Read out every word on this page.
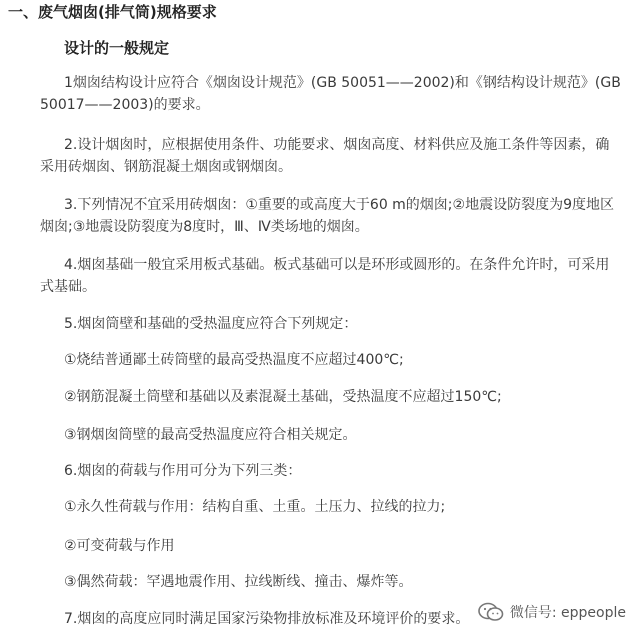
一、废气烟囱(排气筒)规格要求
设计的一般规定
1烟囱结构设计应符合《烟囱设计规范》(GB 50051——2002)和《钢结构设计规范》(GB
50017——2003)的要求。
2.设计烟囱时，应根据使用条件、功能要求、烟囱高度、材料供应及施工条件等因素，确
采用砖烟囱、钢筋混凝土烟囱或钢烟囱。
3.下列情况不宜采用砖烟囱：①重要的或高度大于60 m的烟囱;②地震设防裂度为9度地区
烟囱;③地震设防裂度为8度时，Ⅲ、Ⅳ类场地的烟囱。
4.烟囱基础一般宜采用板式基础。板式基础可以是环形或圆形的。在条件允许时，可采用
式基础。
5.烟囱筒壁和基础的受热温度应符合下列规定：
①烧结普通鄙土砖筒壁的最高受热温度不应超过400℃;
②钢筋混凝土筒壁和基础以及素混凝土基础，受热温度不应超过150℃;
③钢烟囱筒壁的最高受热温度应符合相关规定。
6.烟囱的荷载与作用可分为下列三类：
①永久性荷载与作用：结构自重、土重。土压力、拉线的拉力;
②可变荷载与作用
③偶然荷载：罕遇地震作用、拉线断线、撞击、爆炸等。
7.烟囱的高度应同时满足国家污染物排放标准及环境评价的要求。	微信号: eppeople
